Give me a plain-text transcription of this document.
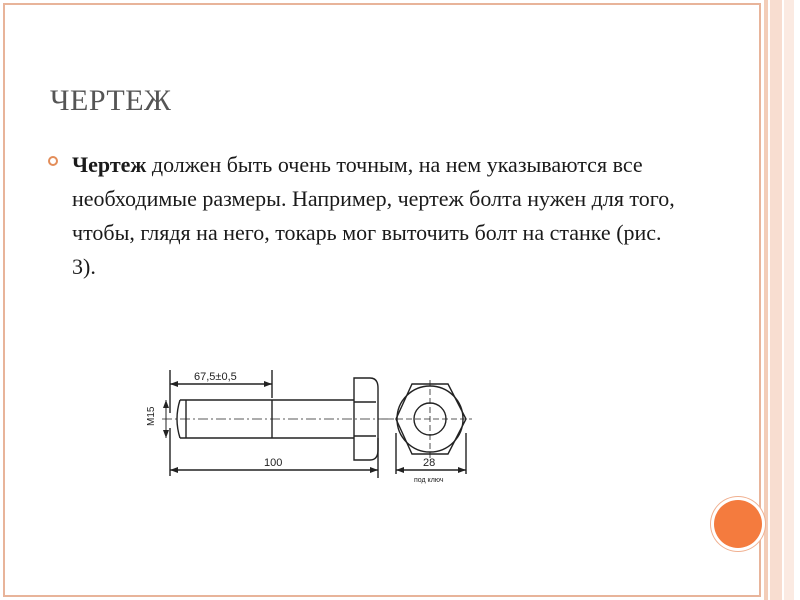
ЧЕРТЕЖ
Чертеж должен быть очень точным, на нем указываются все необходимые размеры. Например, чертеж болта нужен для того, чтобы, глядя на него, токарь мог выточить болт на станке (рис. 3).
67,5±0,5
M15
100	28
под ключ
